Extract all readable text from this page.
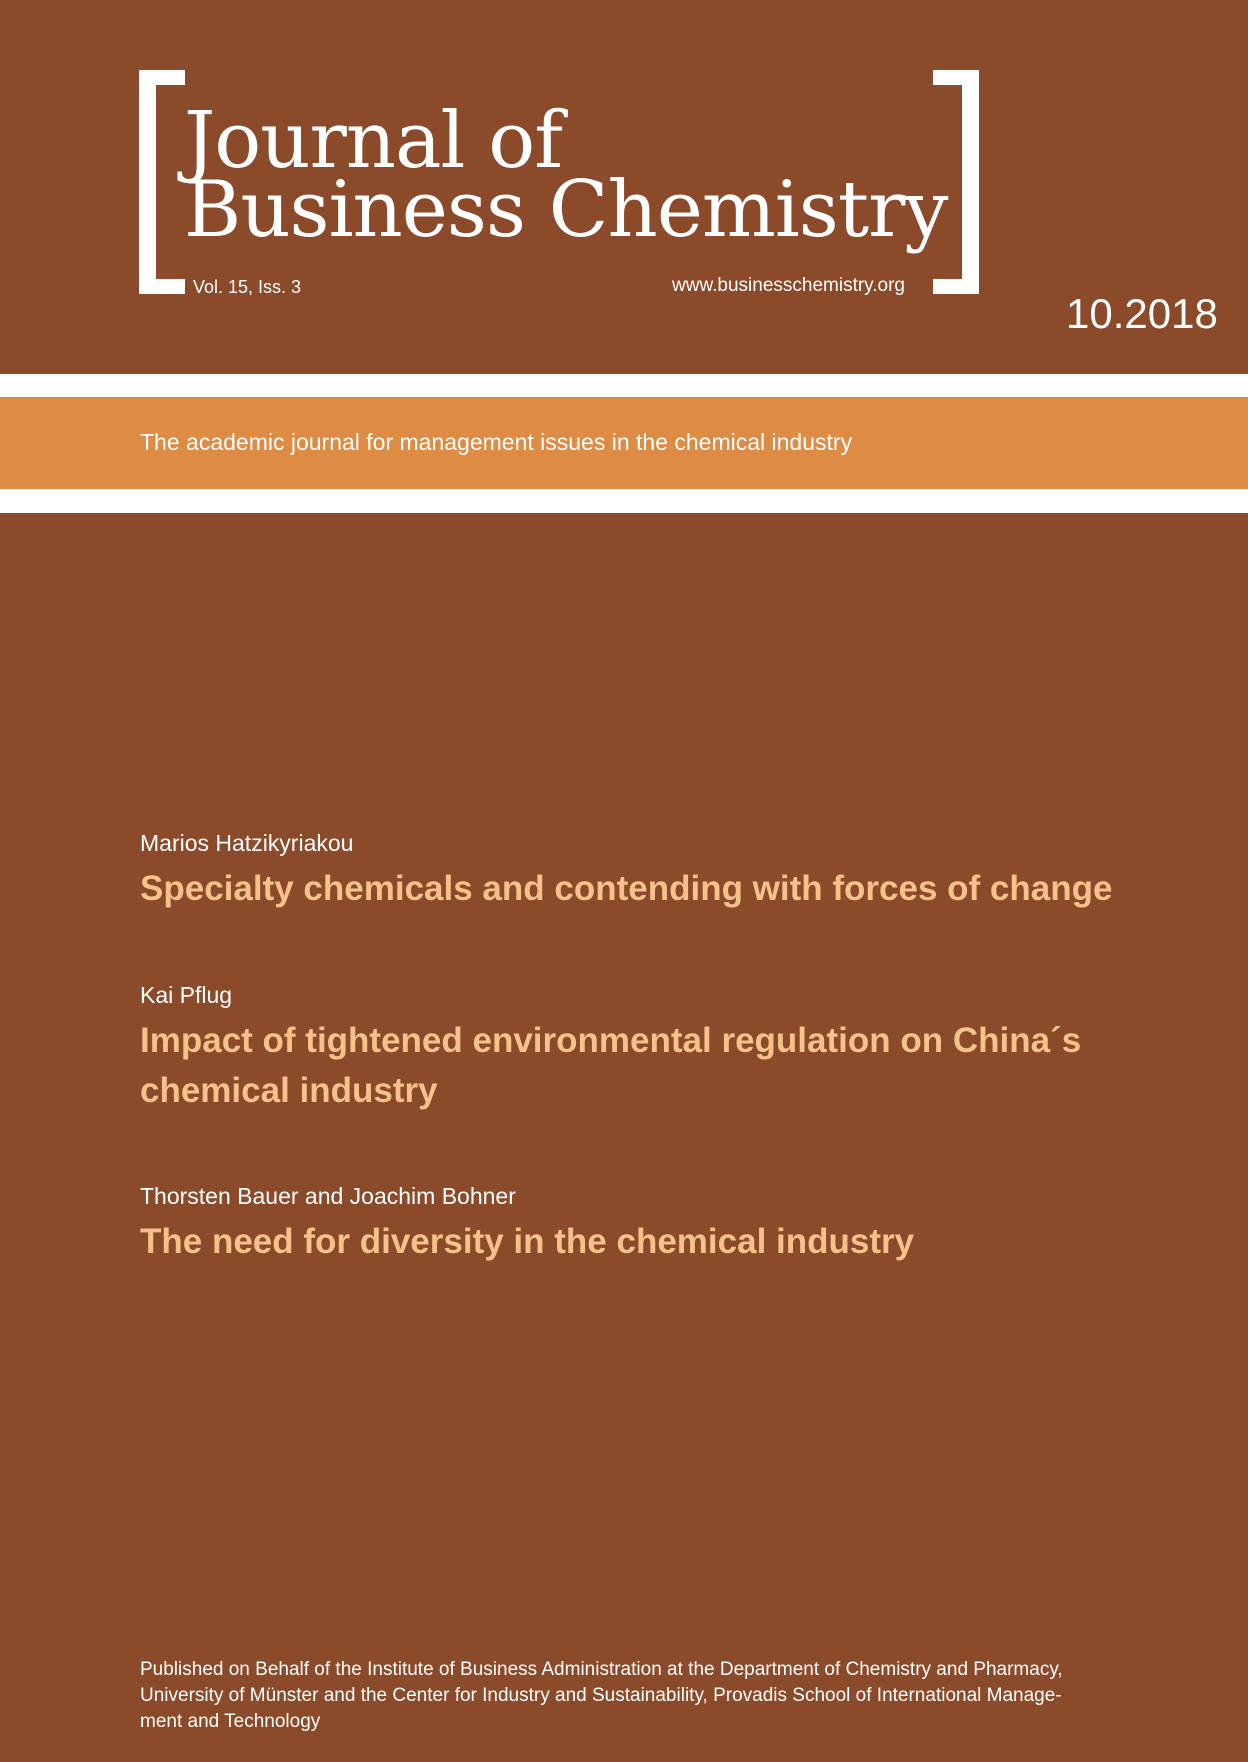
Journal of
Business Chemistry
Vol. 15, Iss. 3	www.businesschemistry.org
10.2018
The academic journal for management issues in the chemical industry
Marios Hatzikyriakou
Specialty chemicals and contending with forces of change
Kai Pflug
Impact of tightened environmental regulation on China´s
chemical industry
Thorsten Bauer and Joachim Bohner
The need for diversity in the chemical industry
Published on Behalf of the Institute of Business Administration at the Department of Chemistry and Pharmacy,
University of Münster and the Center for Industry and Sustainability, Provadis School of International Manage-
ment and Technology
